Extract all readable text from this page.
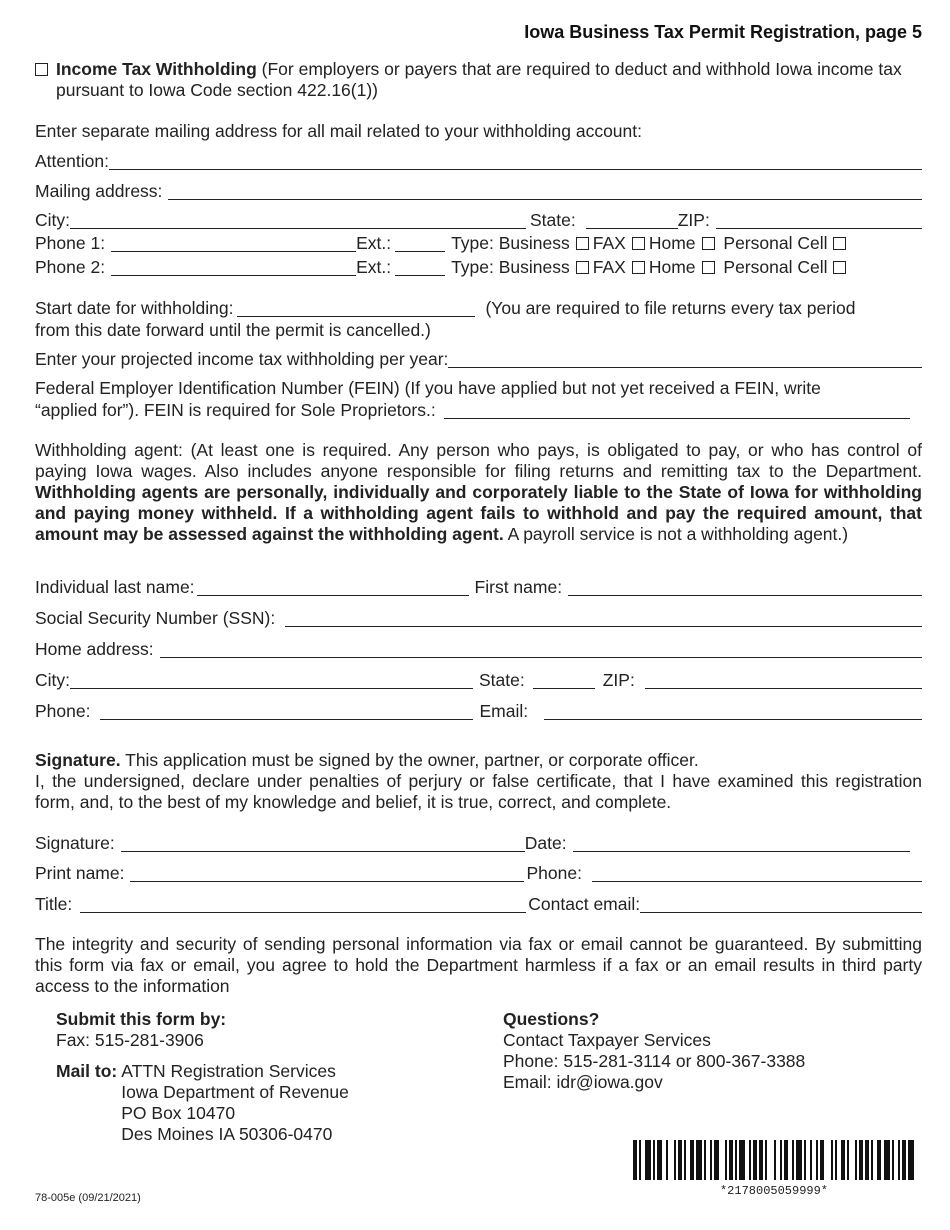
Iowa Business Tax Permit Registration, page 5
Income Tax Withholding (For employers or payers that are required to deduct and withhold Iowa income tax pursuant to Iowa Code section 422.16(1))
Enter separate mailing address for all mail related to your withholding account:
Attention:
Mailing address:
City:	State:	ZIP:
Phone 1:	Ext.:	Type: Business FAX Home Personal Cell
Phone 2:	Ext.:	Type: Business FAX Home Personal Cell
Start date for withholding:	(You are required to file returns every tax period
from this date forward until the permit is cancelled.)
Enter your projected income tax withholding per year:
Federal Employer Identification Number (FEIN) (If you have applied but not yet received a FEIN, write
“applied for”). FEIN is required for Sole Proprietors.:
Withholding agent: (At least one is required. Any person who pays, is obligated to pay, or who has control of paying Iowa wages. Also includes anyone responsible for filing returns and remitting tax to the Department. Withholding agents are personally, individually and corporately liable to the State of Iowa for withholding and paying money withheld. If a withholding agent fails to withhold and pay the required amount, that amount may be assessed against the withholding agent. A payroll service is not a withholding agent.)
Individual last name:	First name:
Social Security Number (SSN):
Home address:
City:	State:	ZIP:
Phone:	Email:
Signature. This application must be signed by the owner, partner, or corporate officer.
I, the undersigned, declare under penalties of perjury or false certificate, that I have examined this registration form, and, to the best of my knowledge and belief, it is true, correct, and complete.
Signature:	Date:
Print name:	Phone:
Title:	Contact email:
The integrity and security of sending personal information via fax or email cannot be guaranteed. By submitting this form via fax or email, you agree to hold the Department harmless if a fax or an email results in third party access to the information
Submit this form by:
Fax: 515-281-3906
Mail to: ATTN Registration Services
Iowa Department of Revenue
PO Box 10470
Des Moines IA 50306-0470
Questions?
Contact Taxpayer Services
Phone: 515-281-3114 or 800-367-3388
Email: idr@iowa.gov
*2178005059999*
78-005e (09/21/2021)
